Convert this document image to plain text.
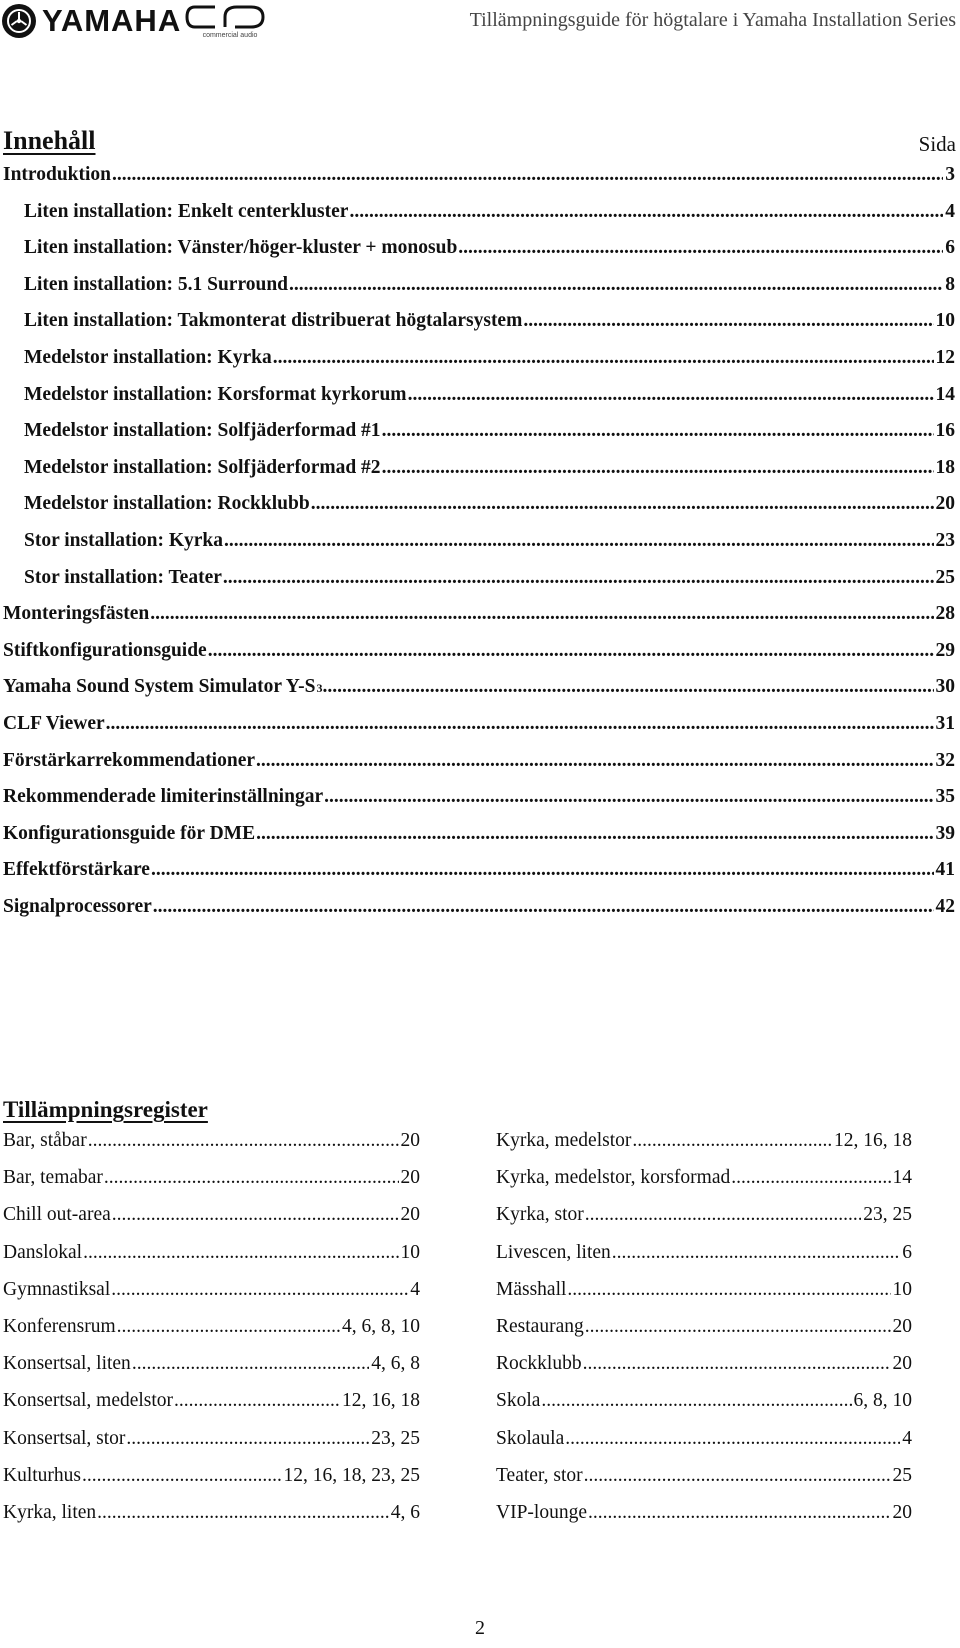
YAMAHA	commercial audio
Tillämpningsguide för högtalare i Yamaha Installation Series
Innehåll	Sida
Introduktion .....	3
Liten installation: Enkelt centerkluster .....	4
Liten installation: Vänster/höger-kluster + monosub .....	6
Liten installation: 5.1 Surround .....	8
Liten installation: Takmonterat distribuerat högtalarsystem .....	10
Medelstor installation: Kyrka .....	12
Medelstor installation: Korsformat kyrkorum .....	14
Medelstor installation: Solfjäderformad #1 .....	16
Medelstor installation: Solfjäderformad #2 .....	18
Medelstor installation: Rockklubb .....	20
Stor installation: Kyrka .....	23
Stor installation: Teater .....	25
Monteringsfästen .....	28
Stiftkonfigurationsguide .....	29
Yamaha Sound System Simulator Y-S 3 .....	30
CLF Viewer .....	31
Förstärkarrekommendationer .....	32
Rekommenderade limiterinställningar .....	35
Konfigurationsguide för DME .....	39
Effektförstärkare .....	41
Signalprocessorer .....	42
Tillämpningsregister
Bar, ståbar .....	20
Bar, temabar .....	20
Chill out-area .....	20
Danslokal .....	10
Gymnastiksal .....	4
Konferensrum .....	4, 6, 8, 10
Konsertsal, liten .....	4, 6, 8
Konsertsal, medelstor .....	12, 16, 18
Konsertsal, stor .....	23, 25
Kulturhus .....	12, 16, 18, 23, 25
Kyrka, liten .....	4, 6
Kyrka, medelstor .....	12, 16, 18
Kyrka, medelstor, korsformad .....	14
Kyrka, stor .....	23, 25
Livescen, liten .....	6
Mässhall .....	10
Restaurang .....	20
Rockklubb .....	20
Skola .....	6, 8, 10
Skolaula .....	4
Teater, stor .....	25
VIP-lounge .....	20
2
